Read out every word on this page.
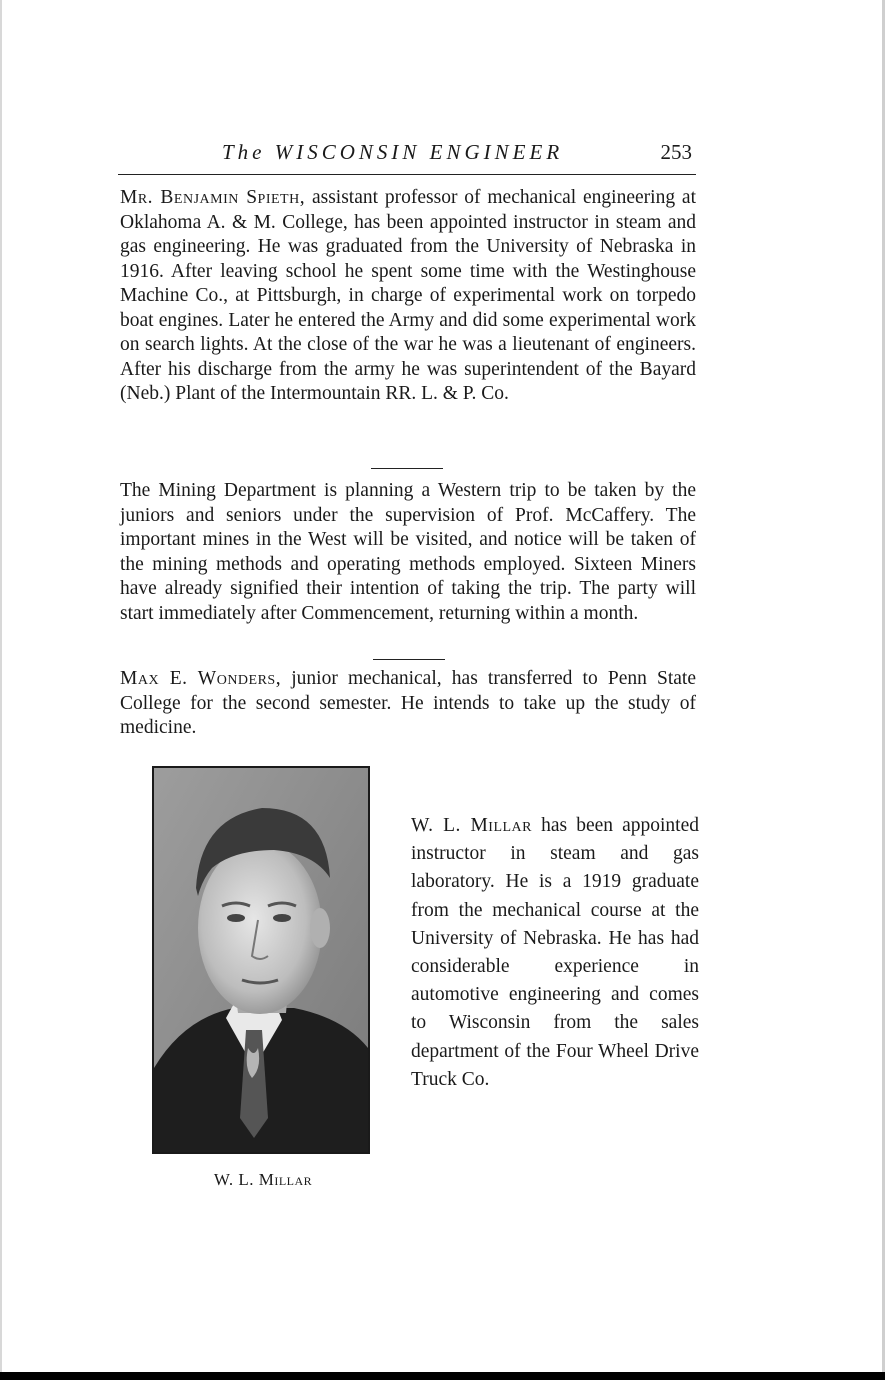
The WISCONSIN ENGINEER	253

Mr. Benjamin Spieth, assistant professor of mechanical engineering at Oklahoma A. & M. College, has been appointed instructor in steam and gas engineering. He was graduated from the University of Nebraska in 1916. After leaving school he spent some time with the Westinghouse Machine Co., at Pittsburgh, in charge of experimental work on torpedo boat engines. Later he entered the Army and did some experimental work on search lights. At the close of the war he was a lieutenant of engineers. After his discharge from the army he was superintendent of the Bayard (Neb.) Plant of the Intermountain RR. L. & P. Co.

The Mining Department is planning a Western trip to be taken by the juniors and seniors under the supervision of Prof. McCaffery. The important mines in the West will be visited, and notice will be taken of the mining methods and operating methods employed. Sixteen Miners have already signified their intention of taking the trip. The party will start immediately after Commencement, returning within a month.

Max E. Wonders, junior mechanical, has transferred to Penn State College for the second semester. He intends to take up the study of medicine.

W. L. Millar

W. L. Millar has been appointed instructor in steam and gas laboratory. He is a 1919 graduate from the mechanical course at the University of Nebraska. He has had considerable experience in automotive engineering and comes to Wisconsin from the sales department of the Four Wheel Drive Truck Co.
